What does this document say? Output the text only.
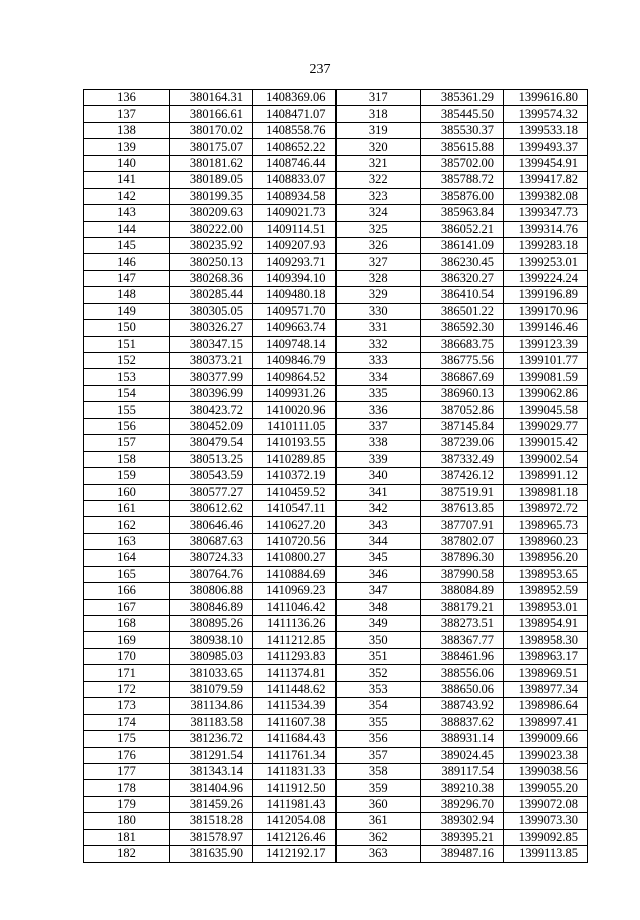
237
136	380164.31	1408369.06	317	385361.29	1399616.80
137	380166.61	1408471.07	318	385445.50	1399574.32
138	380170.02	1408558.76	319	385530.37	1399533.18
139	380175.07	1408652.22	320	385615.88	1399493.37
140	380181.62	1408746.44	321	385702.00	1399454.91
141	380189.05	1408833.07	322	385788.72	1399417.82
142	380199.35	1408934.58	323	385876.00	1399382.08
143	380209.63	1409021.73	324	385963.84	1399347.73
144	380222.00	1409114.51	325	386052.21	1399314.76
145	380235.92	1409207.93	326	386141.09	1399283.18
146	380250.13	1409293.71	327	386230.45	1399253.01
147	380268.36	1409394.10	328	386320.27	1399224.24
148	380285.44	1409480.18	329	386410.54	1399196.89
149	380305.05	1409571.70	330	386501.22	1399170.96
150	380326.27	1409663.74	331	386592.30	1399146.46
151	380347.15	1409748.14	332	386683.75	1399123.39
152	380373.21	1409846.79	333	386775.56	1399101.77
153	380377.99	1409864.52	334	386867.69	1399081.59
154	380396.99	1409931.26	335	386960.13	1399062.86
155	380423.72	1410020.96	336	387052.86	1399045.58
156	380452.09	1410111.05	337	387145.84	1399029.77
157	380479.54	1410193.55	338	387239.06	1399015.42
158	380513.25	1410289.85	339	387332.49	1399002.54
159	380543.59	1410372.19	340	387426.12	1398991.12
160	380577.27	1410459.52	341	387519.91	1398981.18
161	380612.62	1410547.11	342	387613.85	1398972.72
162	380646.46	1410627.20	343	387707.91	1398965.73
163	380687.63	1410720.56	344	387802.07	1398960.23
164	380724.33	1410800.27	345	387896.30	1398956.20
165	380764.76	1410884.69	346	387990.58	1398953.65
166	380806.88	1410969.23	347	388084.89	1398952.59
167	380846.89	1411046.42	348	388179.21	1398953.01
168	380895.26	1411136.26	349	388273.51	1398954.91
169	380938.10	1411212.85	350	388367.77	1398958.30
170	380985.03	1411293.83	351	388461.96	1398963.17
171	381033.65	1411374.81	352	388556.06	1398969.51
172	381079.59	1411448.62	353	388650.06	1398977.34
173	381134.86	1411534.39	354	388743.92	1398986.64
174	381183.58	1411607.38	355	388837.62	1398997.41
175	381236.72	1411684.43	356	388931.14	1399009.66
176	381291.54	1411761.34	357	389024.45	1399023.38
177	381343.14	1411831.33	358	389117.54	1399038.56
178	381404.96	1411912.50	359	389210.38	1399055.20
179	381459.26	1411981.43	360	389296.70	1399072.08
180	381518.28	1412054.08	361	389302.94	1399073.30
181	381578.97	1412126.46	362	389395.21	1399092.85
182	381635.90	1412192.17	363	389487.16	1399113.85
